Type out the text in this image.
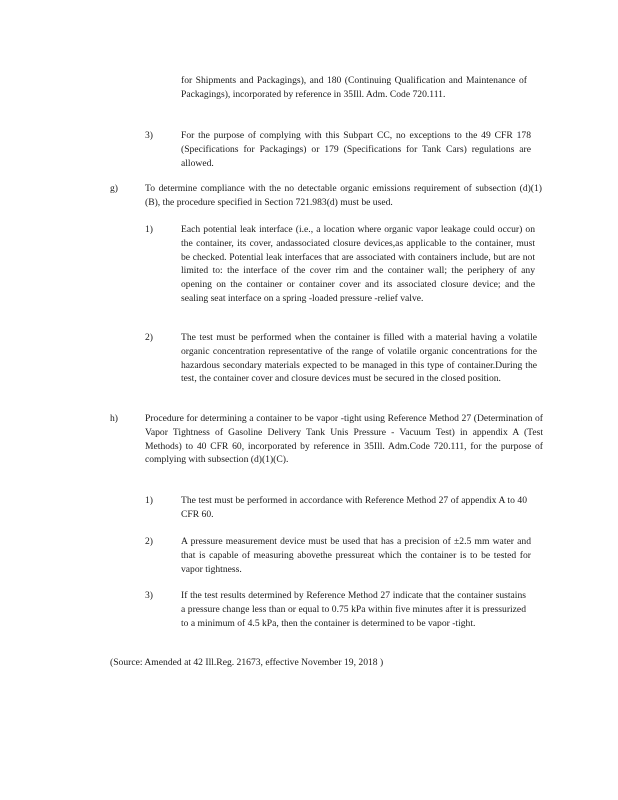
for Shipments and Packagings), and 180 (Continuing Qualification and Maintenance of Packagings), incorporated by reference in 35Ill. Adm. Code 720.111.
3)	For the purpose of complying with this Subpart CC, no exceptions to the 49 CFR 178 (Specifications for Packagings) or 179 (Specifications for Tank Cars) regulations are allowed.
g)	To determine compliance with the no detectable organic emissions requirement of subsection (d)(1)(B), the procedure specified in Section 721.983(d) must be used.
1)	Each potential leak interface (i.e., a location where organic vapor leakage could occur) on the container, its cover, andassociated closure devices,as applicable to the container, must be checked. Potential leak interfaces that are associated with containers include, but are not limited to: the interface of the cover rim and the container wall; the periphery of any opening on the container or container cover and its associated closure device; and the sealing seat interface on a spring -loaded pressure -relief valve.
2)	The test must be performed when the container is filled with a material having a volatile organic concentration representative of the range of volatile organic concentrations for the hazardous secondary materials expected to be managed in this type of container.During the test, the container cover and closure devices must be secured in the closed position.
h)	Procedure for determining a container to be vapor -tight using Reference Method 27 (Determination of Vapor Tightness of Gasoline Delivery Tank Unis Pressure - Vacuum Test) in appendix A (Test Methods) to 40 CFR 60, incorporated by reference in 35Ill. Adm.Code 720.111, for the purpose of complying with subsection (d)(1)(C).
1)	The test must be performed in accordance with Reference Method 27 of appendix A to 40 CFR 60.
2)	A pressure measurement device must be used that has a precision of ±2.5 mm water and that is capable of measuring abovethe pressureat which the container is to be tested for vapor tightness.
3)	If the test results determined by Reference Method 27 indicate that the container sustains a pressure change less than or equal to 0.75 kPa within five minutes after it is pressurized to a minimum of 4.5 kPa, then the container is determined to be vapor -tight.
(Source: Amended at 42 Ill.Reg. 21673, effective November 19, 2018 )
